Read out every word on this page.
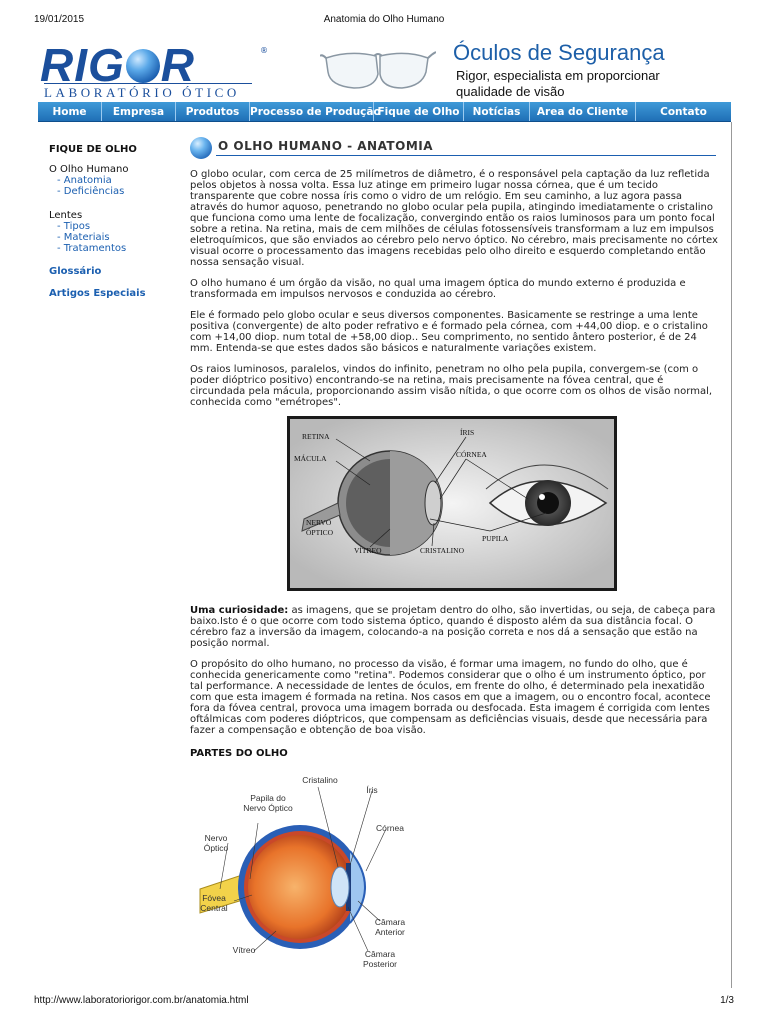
19/01/2015	Anatomia do Olho Humano
RIG R	®
LABORATÓRIO ÓTICO
Óculos de Segurança
Rigor, especialista em proporcionar qualidade de visão
Home	Empresa	Produtos	Processo de Produção
Fique de Olho	Notícias	Area do Cliente	Contato
FIQUE DE OLHO
O Olho Humano
- Anatomia
- Deficiências
Lentes
- Tipos
- Materiais
- Tratamentos
Glossário
Artigos Especiais
O OLHO HUMANO - ANATOMIA

O globo ocular, com cerca de 25 milímetros de diâmetro, é o responsável pela captação da luz refletida pelos objetos à nossa volta. Essa luz atinge em primeiro lugar nossa córnea, que é um tecido transparente que cobre nossa íris como o vidro de um relógio. Em seu caminho, a luz agora passa através do humor aquoso, penetrando no globo ocular pela pupila, atingindo imediatamente o cristalino que funciona como uma lente de focalização, convergindo então os raios luminosos para um ponto focal sobre a retina. Na retina, mais de cem milhões de células fotossensíveis transformam a luz em impulsos eletroquímicos, que são enviados ao cérebro pelo nervo óptico. No cérebro, mais precisamente no córtex visual ocorre o processamento das imagens recebidas pelo olho direito e esquerdo completando então nossa sensação visual.

O olho humano é um órgão da visão, no qual uma imagem óptica do mundo externo é produzida e transformada em impulsos nervosos e conduzida ao cérebro.

Ele é formado pelo globo ocular e seus diversos componentes. Basicamente se restringe a uma lente positiva (convergente) de alto poder refrativo e é formado pela córnea, com +44,00 diop. e o cristalino com +14,00 diop. num total de +58,00 diop.. Seu comprimento, no sentido ântero posterior, é de 24 mm. Entenda-se que estes dados são básicos e naturalmente variações existem.

Os raios luminosos, paralelos, vindos do infinito, penetram no olho pela pupila, convergem-se (com o poder dióptrico positivo) encontrando-se na retina, mais precisamente na fóvea central, que é circundada pela mácula, proporcionando assim visão nítida, o que ocorre com os olhos de visão normal, conhecida como "emétropes".

RETINA
MÁCULA
NERVO
ÓPTICO
VÍTREO	CRISTALINO
ÍRIS
CÓRNEA
PUPILA

Uma curiosidade: as imagens, que se projetam dentro do olho, são invertidas, ou seja, de cabeça para baixo.Isto é o que ocorre com todo sistema óptico, quando é disposto além da sua distância focal. O cérebro faz a inversão da imagem, colocando-a na posição correta e nos dá a sensação que estão na posição normal.

O propósito do olho humano, no processo da visão, é formar uma imagem, no fundo do olho, que é conhecida genericamente como "retina". Podemos considerar que o olho é um instrumento óptico, por tal performance. A necessidade de lentes de óculos, em frente do olho, é determinado pela inexatidão com que esta imagem é formada na retina. Nos casos em que a imagem, ou o encontro focal, acontece fora da fóvea central, provoca uma imagem borrada ou desfocada. Esta imagem é corrigida com lentes oftálmicas com poderes dióptricos, que compensam as deficiências visuais, desde que necessária para fazer a compensação e obtenção de boa visão.

PARTES DO OLHO
Papila do
Nervo Óptico
Cristalino
Íris
Córnea
Nervo
Óptico
Fóvea
Central
Câmara
Anterior
Vítreo	Câmara
Posterior
http://www.laboratoriorigor.com.br/anatomia.html	1/3
